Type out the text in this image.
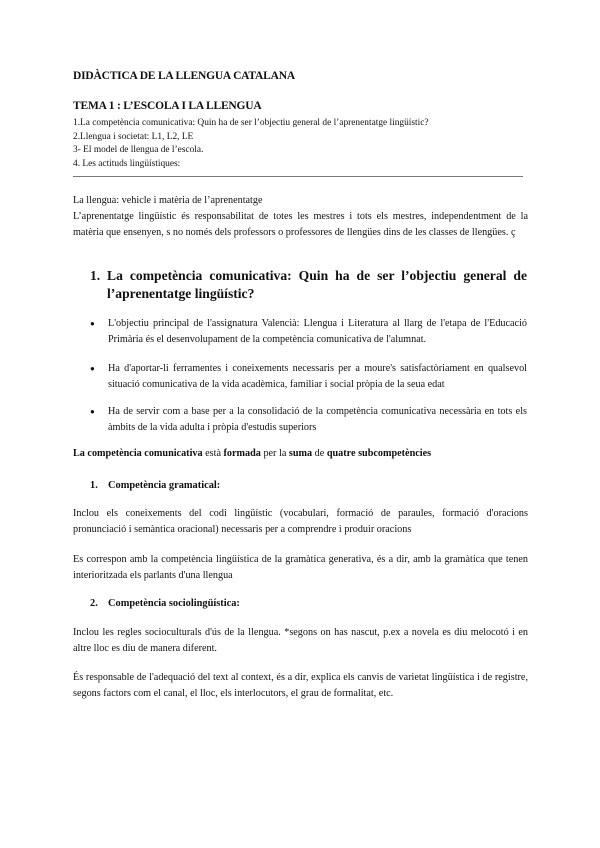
DIDÀCTICA DE LA LLENGUA CATALANA
TEMA 1 : L’ESCOLA I LA LLENGUA
1.La competència comunicativa: Quin ha de ser l’objectiu general de l’aprenentatge lingüístic?
2.Llengua i societat: L1, L2, LE
3- El model de llengua de l’escola.
4. Les actituds lingüístiques:
La llengua: vehicle i matèria de l’aprenentatge
L’aprenentatge lingüístic és responsabilitat de totes les mestres i tots els mestres, independentment de la matèria que ensenyen, s no només dels professors o professores de llengües dins de les classes de llengües. ç
1. La competència comunicativa: Quin ha de ser l’objectiu general de l’aprenentatge lingüístic?
● L'objectiu principal de l'assignatura Valencià: Llengua i Literatura al llarg de l'etapa de l'Educació Primària és el desenvolupament de la competència comunicativa de l'alumnat.
● Ha d'aportar-li ferramentes i coneixements necessaris per a moure's satisfactòriament en qualsevol situació comunicativa de la vida acadèmica, familiar i social pròpia de la seua edat
● Ha de servir com a base per a la consolidació de la competència comunicativa necessària en tots els àmbits de la vida adulta i pròpia d'estudis superiors
La competència comunicativa està formada per la suma de quatre subcompetències
1. Competència gramatical:
Inclou els coneixements del codi lingüístic (vocabulari, formació de paraules, formació d'oracions pronunciació i semàntica oracional) necessaris per a comprendre i produir oracions
Es correspon amb la competència lingüística de la gramàtica generativa, és a dir, amb la gramàtica que tenen interioritzada els parlants d'una llengua
2. Competència sociolingüística:
Inclou les regles socioculturals d'ús de la llengua. *segons on has nascut, p.ex a novela es diu melocotó i en altre lloc es diu de manera diferent.
És responsable de l'adequació del text al context, és a dir, explica els canvis de varietat lingüística i de registre, segons factors com el canal, el lloc, els interlocutors, el grau de formalitat, etc.
